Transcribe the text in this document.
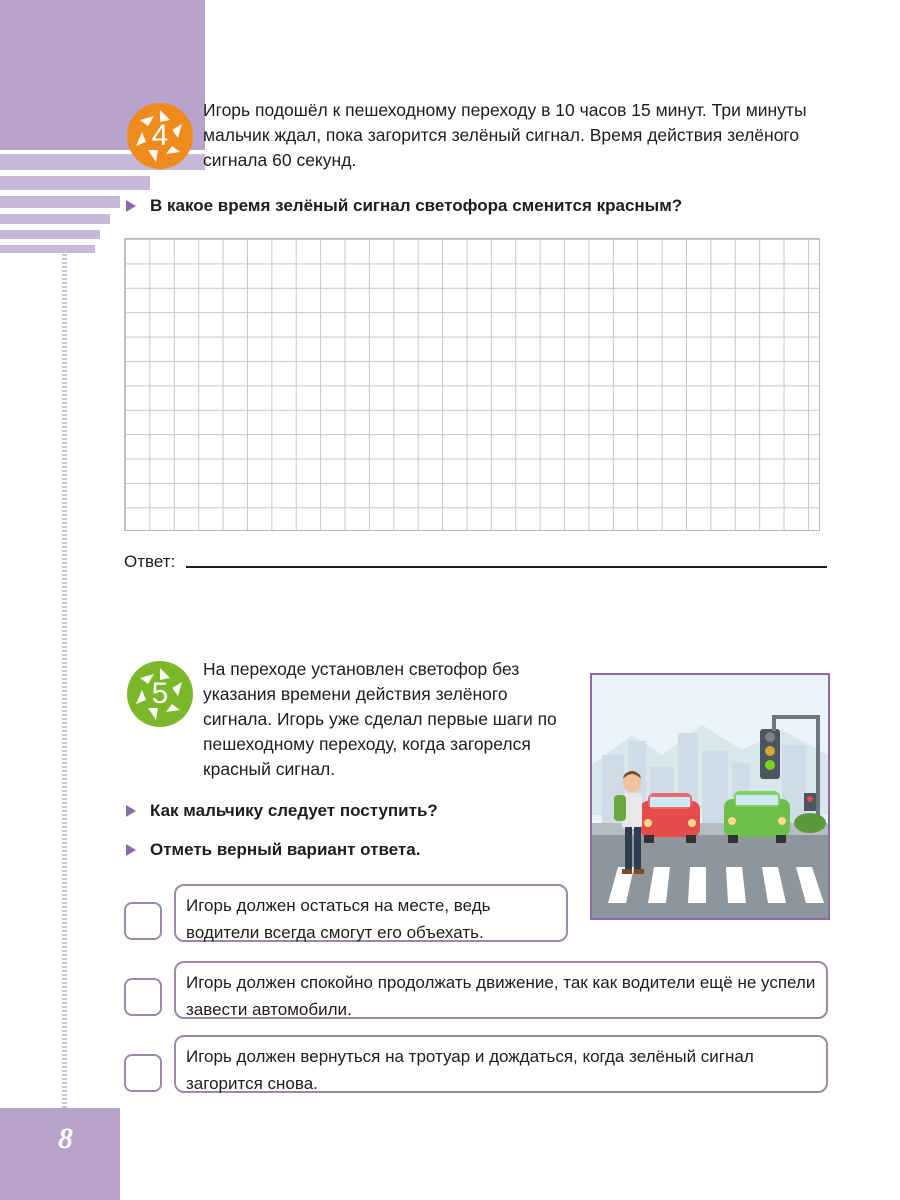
8
4
Игорь подошёл к пешеходному переходу в 10 часов 15 минут. Три минуты мальчик ждал, пока загорится зелёный сигнал. Время действия зелёного сигнала 60 секунд.
В какое время зелёный сигнал светофора сменится красным?
Ответ:
5
На переходе установлен светофор без указания времени действия зелёного сигнала. Игорь уже сделал первые шаги по пешеходному переходу, когда загорелся красный сигнал.
Как мальчику следует поступить?
Отметь верный вариант ответа.
Игорь должен остаться на месте, ведь водители всегда смогут его объехать.
Игорь должен спокойно продолжать движение, так как водители ещё не успели завести автомобили.
Игорь должен вернуться на тротуар и дождаться, когда зелёный сигнал загорится снова.
